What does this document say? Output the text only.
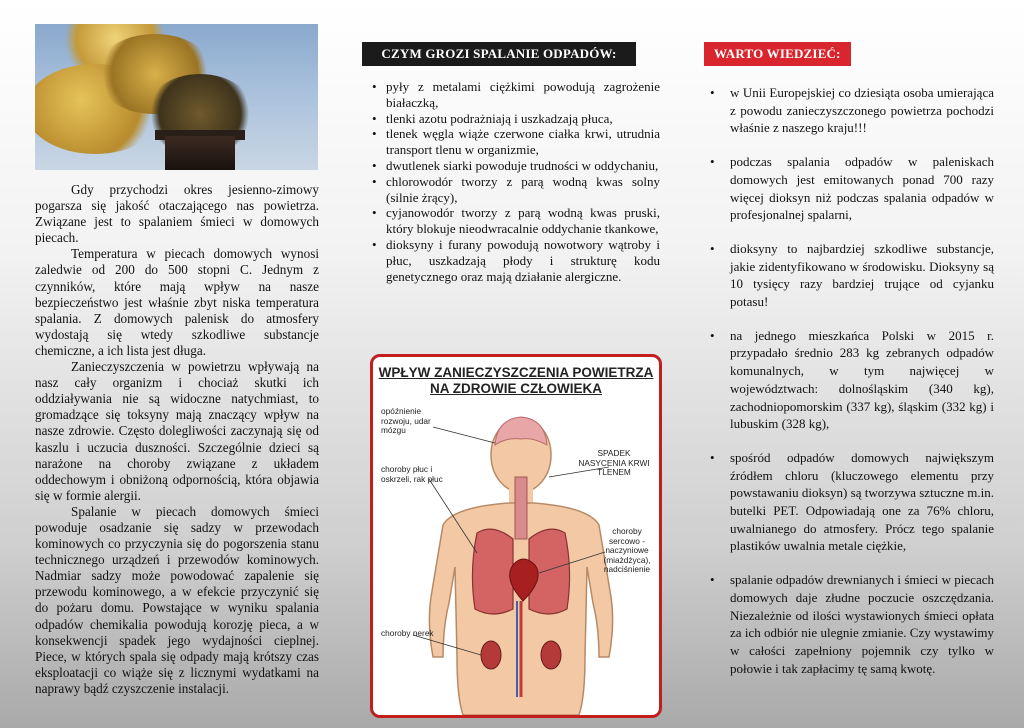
Gdy przychodzi okres jesienno-zimowy pogarsza się jakość otaczającego nas powietrza. Związane jest to spalaniem śmieci w domowych piecach.

Temperatura w piecach domowych wynosi zaledwie od 200 do 500 stopni C. Jednym z czynników, które mają wpływ na nasze bezpieczeństwo jest właśnie zbyt niska temperatura spalania. Z domowych palenisk do atmosfery wydostają się wtedy szkodliwe substancje chemiczne, a ich lista jest długa.

Zanieczyszczenia w powietrzu wpływają na nasz cały organizm i chociaż skutki ich oddziaływania nie są widoczne natychmiast, to gromadzące się toksyny mają znaczący wpływ na nasze zdrowie. Często dolegliwości zaczynają się od kaszlu i uczucia duszności. Szczególnie dzieci są narażone na choroby związane z układem oddechowym i obniżoną odpornością, która objawia się w formie alergii.

Spalanie w piecach domowych śmieci powoduje osadzanie się sadzy w przewodach kominowych co przyczynia się do pogorszenia stanu technicznego urządzeń i przewodów kominowych. Nadmiar sadzy może powodować zapalenie się przewodu kominowego, a w efekcie przyczynić się do pożaru domu. Powstające w wyniku spalania odpadów chemikalia powodują korozję pieca, a w konsekwencji spadek jego wydajności cieplnej. Piece, w których spala się odpady mają krótszy czas eksploatacji co wiąże się z licznymi wydatkami na naprawy bądź czyszczenie instalacji.

CZYM GROZI SPALANIE ODPADÓW:
• pyły z metalami ciężkimi powodują zagrożenie białaczką,
• tlenki azotu podrażniają i uszkadzają płuca,
• tlenek węgla wiąże czerwone ciałka krwi, utrudnia transport tlenu w organizmie,
• dwutlenek siarki powoduje trudności w oddychaniu,
• chlorowodór tworzy z parą wodną kwas solny (silnie żrący),
• cyjanowodór tworzy z parą wodną kwas pruski, który blokuje nieodwracalnie oddychanie tkankowe,
• dioksyny i furany powodują nowotwory wątroby i płuc, uszkadzają płody i strukturę kodu genetycznego oraz mają działanie alergiczne.
WPŁYW ZANIECZYSZCZENIA POWIETRZA
NA ZDROWIE CZŁOWIEKA
opóźnienie rozwoju, udar mózgu
SPADEK NASYCENIA KRWI TLENEM
choroby płuc i oskrzeli, rak płuc
choroby sercowo -naczyniowe (miażdżyca), nadciśnienie
choroby nerek
WARTO WIEDZIEĆ:
• w Unii Europejskiej co dziesiąta osoba umierająca z powodu zanieczyszczonego powietrza pochodzi właśnie z naszego kraju!!!
• podczas spalania odpadów w paleniskach domowych jest emitowanych ponad 700 razy więcej dioksyn niż podczas spalania odpadów w profesjonalnej spalarni,
• dioksyny to najbardziej szkodliwe substancje, jakie zidentyfikowano w środowisku. Dioksyny są 10 tysięcy razy bardziej trujące od cyjanku potasu!
• na jednego mieszkańca Polski w 2015 r. przypadało średnio 283 kg zebranych odpadów komunalnych, w tym najwięcej w województwach: dolnośląskim (340 kg), zachodniopomorskim (337 kg), śląskim (332 kg) i lubuskim (328 kg),
• spośród odpadów domowych największym źródłem chloru (kluczowego elementu przy powstawaniu dioksyn) są tworzywa sztuczne m.in. butelki PET. Odpowiadają one za 76% chloru, uwalnianego do atmosfery. Prócz tego spalanie plastików uwalnia metale ciężkie,
• spalanie odpadów drewnianych i śmieci w piecach domowych daje złudne poczucie oszczędzania. Niezależnie od ilości wystawionych śmieci opłata za ich odbiór nie ulegnie zmianie. Czy wystawimy w całości zapełniony pojemnik czy tylko w połowie i tak zapłacimy tę samą kwotę.
